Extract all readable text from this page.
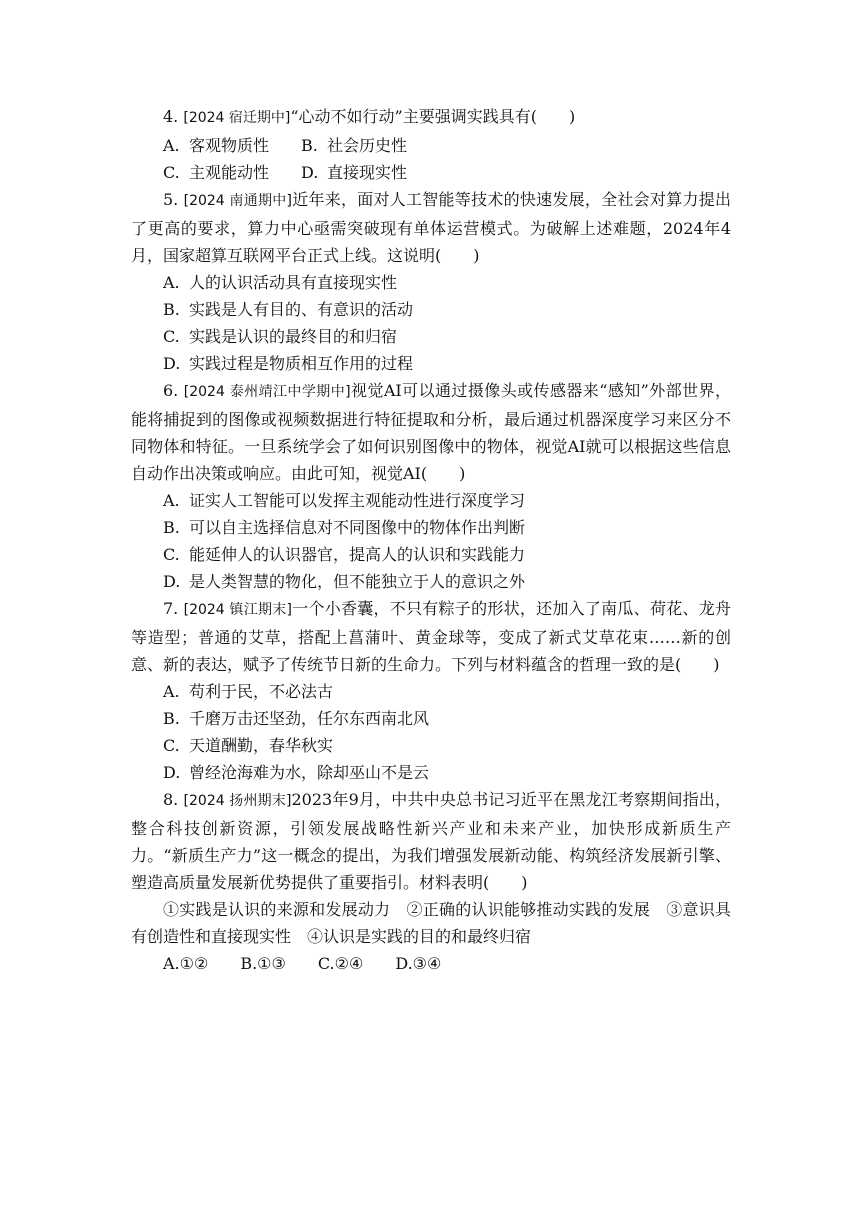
4. [2024 宿迁期中]“心动不如行动”主要强调实践具有(　　)

A. 客观物质性 B. 社会历史性

C. 主观能动性 D. 直接现实性

5. [2024 南通期中]近年来，面对人工智能等技术的快速发展，全社会对算力提出了更高的要求，算力中心亟需突破现有单体运营模式。为破解上述难题，2024年4月，国家超算互联网平台正式上线。这说明(　　)

A. 人的认识活动具有直接现实性

B. 实践是人有目的、有意识的活动

C. 实践是认识的最终目的和归宿

D. 实践过程是物质相互作用的过程

6. [2024 泰州靖江中学期中]视觉AI可以通过摄像头或传感器来“感知”外部世界，能将捕捉到的图像或视频数据进行特征提取和分析，最后通过机器深度学习来区分不同物体和特征。一旦系统学会了如何识别图像中的物体，视觉AI就可以根据这些信息自动作出决策或响应。由此可知，视觉AI(　　)

A. 证实人工智能可以发挥主观能动性进行深度学习

B. 可以自主选择信息对不同图像中的物体作出判断

C. 能延伸人的认识器官，提高人的认识和实践能力

D. 是人类智慧的物化，但不能独立于人的意识之外

7. [2024 镇江期末]一个小香囊，不只有粽子的形状，还加入了南瓜、荷花、龙舟等造型；普通的艾草，搭配上菖蒲叶、黄金球等，变成了新式艾草花束……新的创意、新的表达，赋予了传统节日新的生命力。下列与材料蕴含的哲理一致的是(　　)

A. 苟利于民，不必法古

B. 千磨万击还坚劲，任尔东西南北风

C. 天道酬勤，春华秋实

D. 曾经沧海难为水，除却巫山不是云

8. [2024 扬州期末]2023年9月，中共中央总书记习近平在黑龙江考察期间指出，整合科技创新资源，引领发展战略性新兴产业和未来产业，加快形成新质生产力。“新质生产力”这一概念的提出，为我们增强发展新动能、构筑经济发展新引擎、塑造高质量发展新优势提供了重要指引。材料表明(　　)

①实践是认识的来源和发展动力　②正确的认识能够推动实践的发展　③意识具有创造性和直接现实性　④认识是实践的目的和最终归宿

A.①② B.①③ C.②④ D.③④
